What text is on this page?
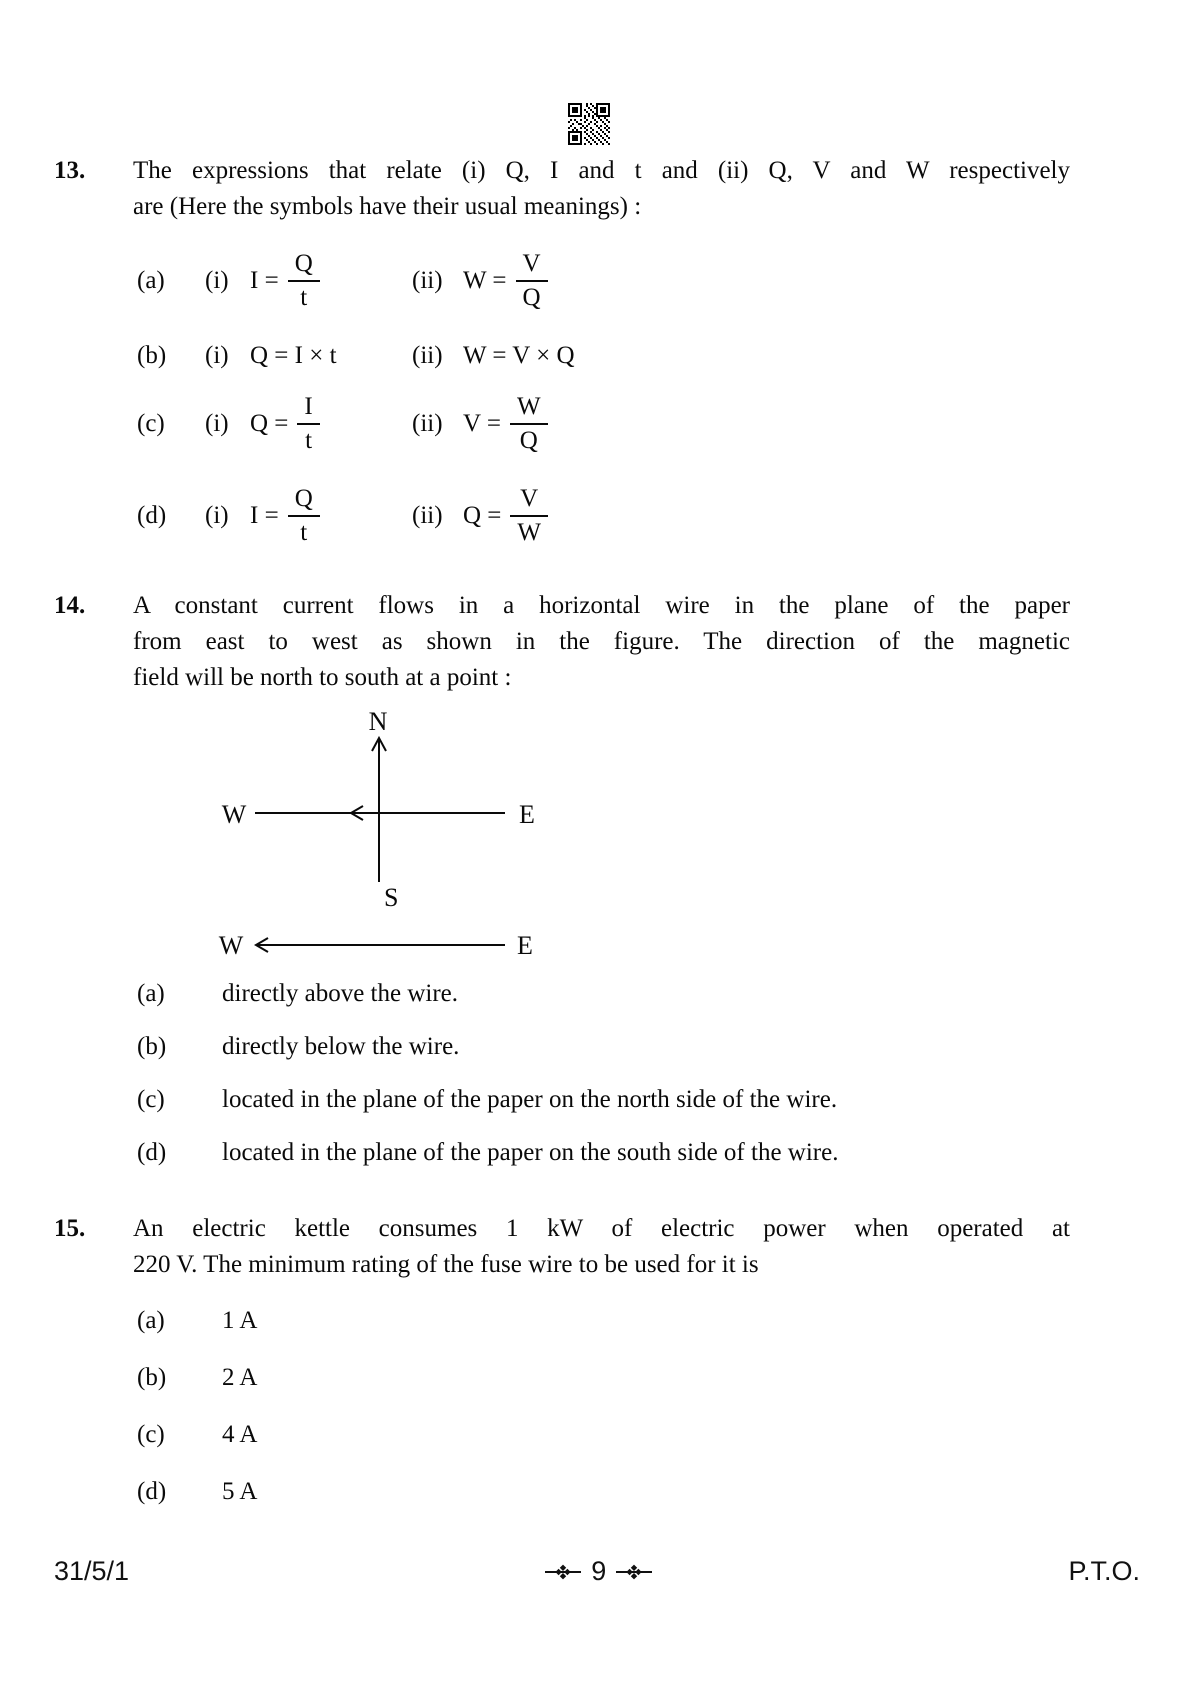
13.	The expressions that relate (i) Q, I and t and (ii) Q, V and W respectively
are (Here the symbols have their usual meanings) :
(a)	(i) $I = \frac{Q}{t}$	(ii) $W = \frac{V}{Q}$
(b)	(i) Q = I × t	(ii) W = V × Q
(c)	(i) $Q = \frac{I}{t}$	(ii) $V = \frac{W}{Q}$
(d)	(i) $I = \frac{Q}{t}$	(ii) $Q = \frac{V}{W}$
14.	A constant current flows in a horizontal wire in the plane of the paper
from east to west as shown in the figure. The direction of the magnetic
field will be north to south at a point :
N
W	E
S
W	E
(a)	directly above the wire.
(b)	directly below the wire.
(c)	located in the plane of the paper on the north side of the wire.
(d)	located in the plane of the paper on the south side of the wire.
15.	An electric kettle consumes 1 kW of electric power when operated at
220 V. The minimum rating of the fuse wire to be used for it is
(a)	1 A
(b)	2 A
(c)	4 A
(d)	5 A
31/5/1	9	P.T.O.
